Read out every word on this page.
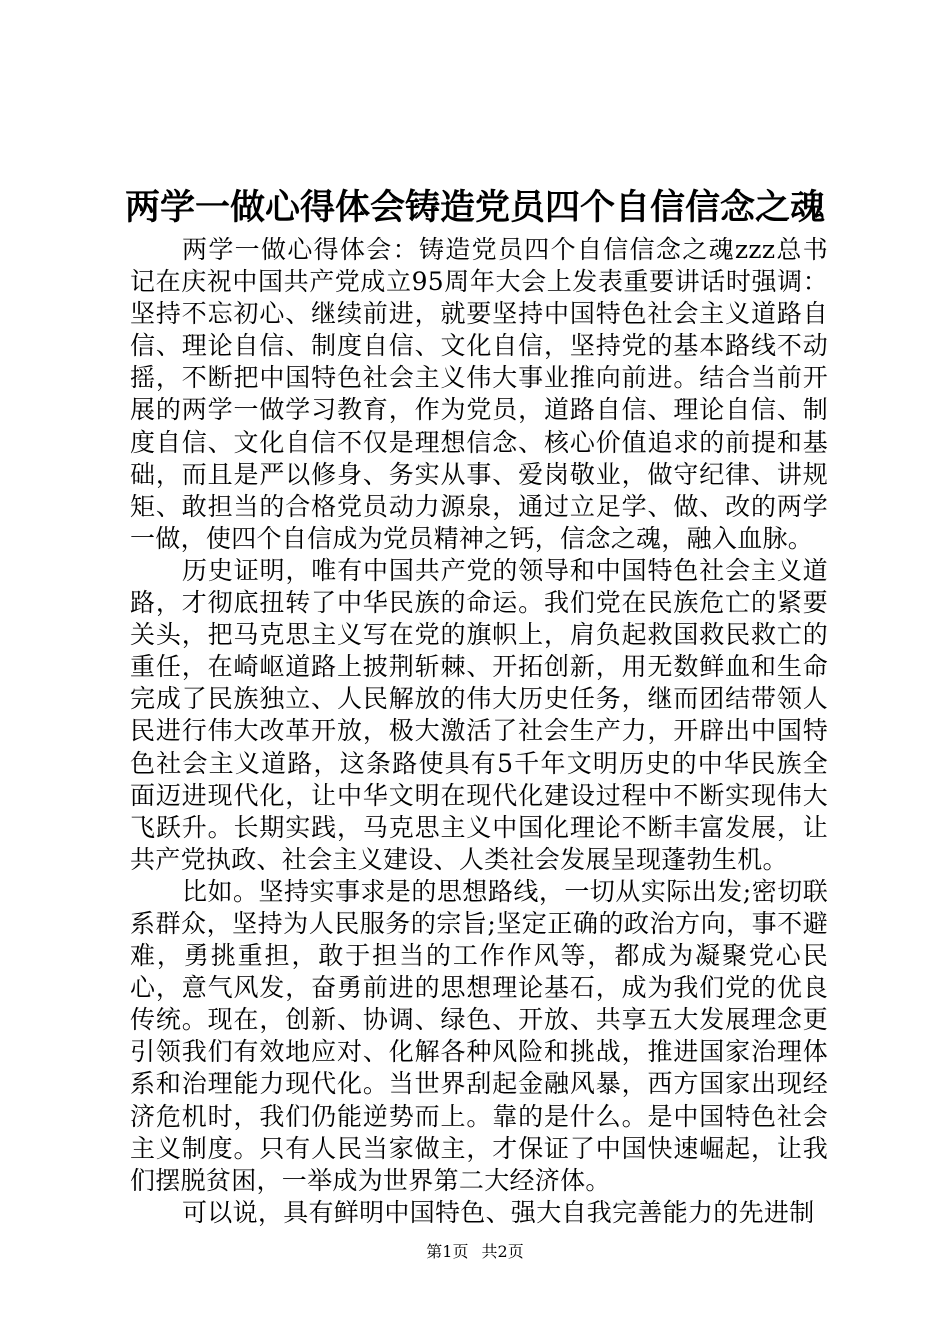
两学一做心得体会铸造党员四个自信信念之魂

两学一做心得体会：铸造党员四个自信信念之魂zzz总书记在庆祝中国共产党成立95周年大会上发表重要讲话时强调：坚持不忘初心、继续前进，就要坚持中国特色社会主义道路自信、理论自信、制度自信、文化自信，坚持党的基本路线不动摇，不断把中国特色社会主义伟大事业推向前进。结合当前开展的两学一做学习教育，作为党员，道路自信、理论自信、制度自信、文化自信不仅是理想信念、核心价值追求的前提和基础，而且是严以修身、务实从事、爱岗敬业，做守纪律、讲规矩、敢担当的合格党员动力源泉，通过立足学、做、改的两学一做，使四个自信成为党员精神之钙，信念之魂，融入血脉。

历史证明，唯有中国共产党的领导和中国特色社会主义道路，才彻底扭转了中华民族的命运。我们党在民族危亡的紧要关头，把马克思主义写在党的旗帜上，肩负起救国救民救亡的重任，在崎岖道路上披荆斩棘、开拓创新，用无数鲜血和生命完成了民族独立、人民解放的伟大历史任务，继而团结带领人民进行伟大改革开放，极大激活了社会生产力，开辟出中国特色社会主义道路，这条路使具有5千年文明历史的中华民族全面迈进现代化，让中华文明在现代化建设过程中不断实现伟大飞跃升。长期实践，马克思主义中国化理论不断丰富发展，让共产党执政、社会主义建设、人类社会发展呈现蓬勃生机。

比如。坚持实事求是的思想路线，一切从实际出发;密切联系群众，坚持为人民服务的宗旨;坚定正确的政治方向，事不避难，勇挑重担，敢于担当的工作作风等，都成为凝聚党心民心，意气风发，奋勇前进的思想理论基石，成为我们党的优良传统。现在，创新、协调、绿色、开放、共享五大发展理念更引领我们有效地应对、化解各种风险和挑战，推进国家治理体系和治理能力现代化。当世界刮起金融风暴，西方国家出现经济危机时，我们仍能逆势而上。靠的是什么。是中国特色社会主义制度。只有人民当家做主，才保证了中国快速崛起，让我们摆脱贫困，一举成为世界第二大经济体。

可以说，具有鲜明中国特色、强大自我完善能力的先进制

第1页 共2页
